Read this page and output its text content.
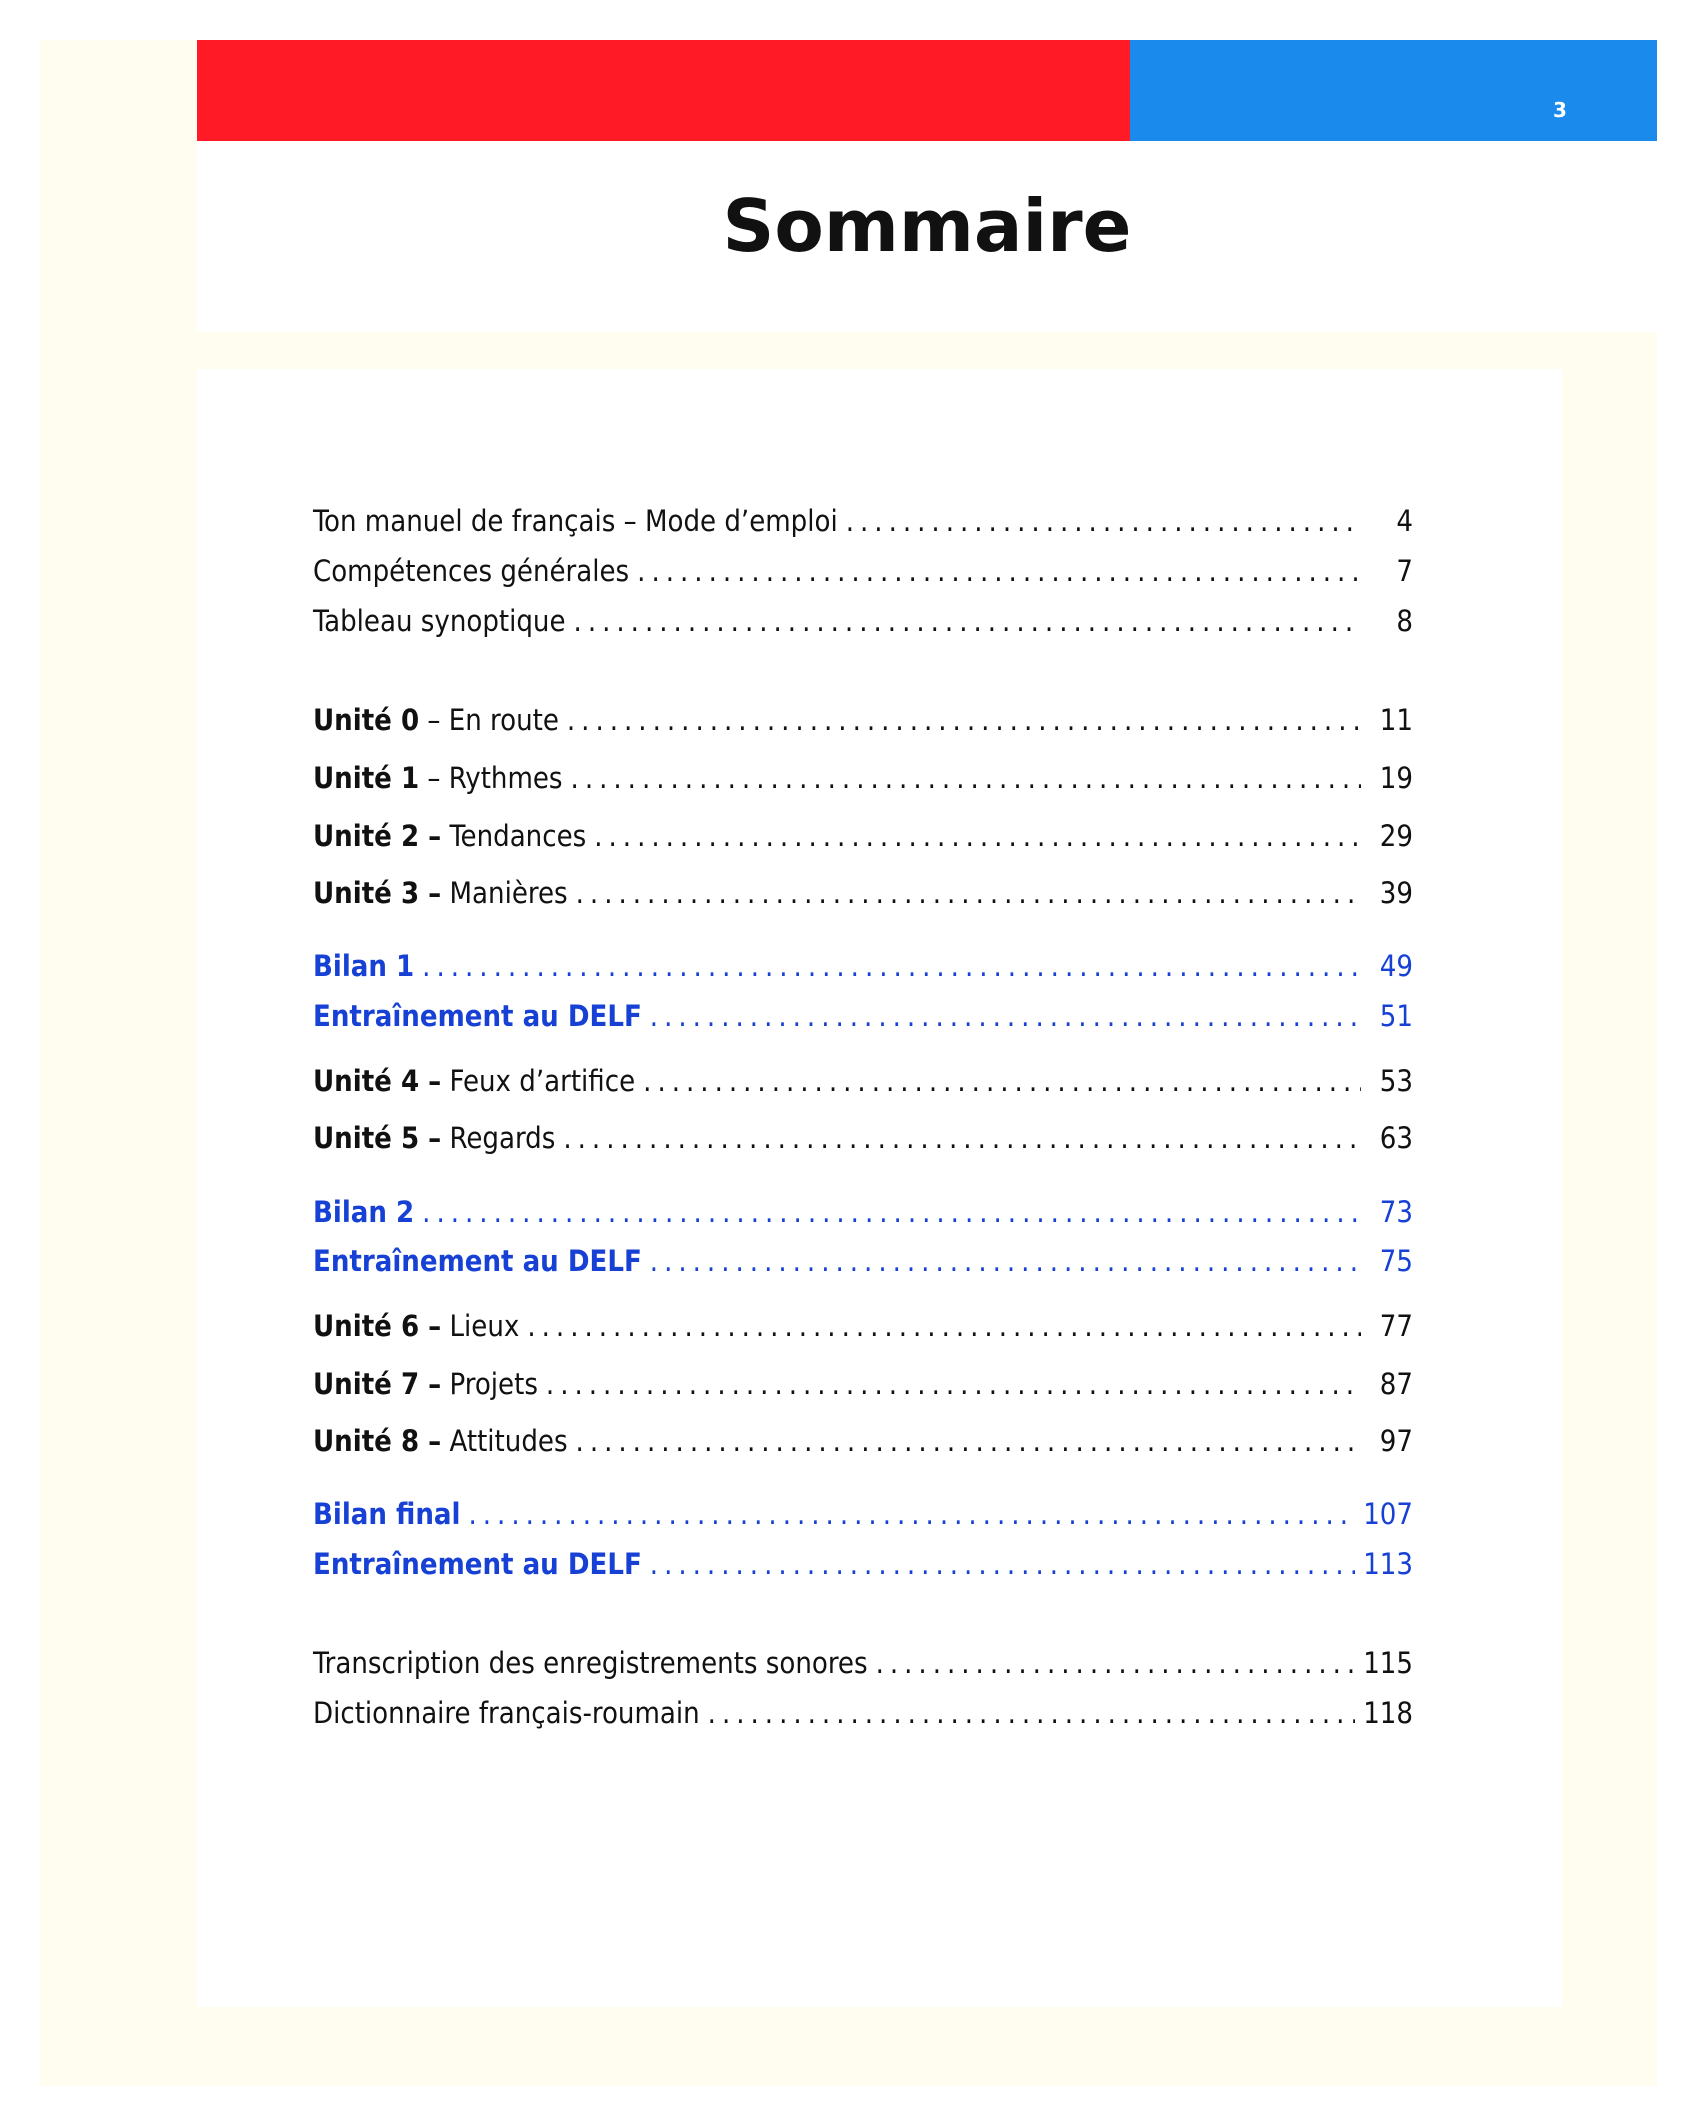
3
Sommaire
Ton manuel de français – Mode d’emploi .....	4
Compétences générales .....	7
Tableau synoptique .....	8
Unité 0 – En route .....	11
Unité 1 – Rythmes .....	19
Unité 2 –
Tendances .....	29
Unité 3 –
Manières .....	39
Bilan 1 .....	49
Entraînement au DELF .....	51
Unité 4 –
Feux d’artifice .....	53
Unité 5 –
Regards .....	63
Bilan 2 .....	73
Entraînement au DELF .....	75
Unité 6 –
Lieux .....	77
Unité 7 –
Projets .....	87
Unité 8 –
Attitudes .....	97
Bilan final .....	107
Entraînement au DELF .....	113
Transcription des enregistrements sonores .....	115
Dictionnaire français-roumain .....	118
